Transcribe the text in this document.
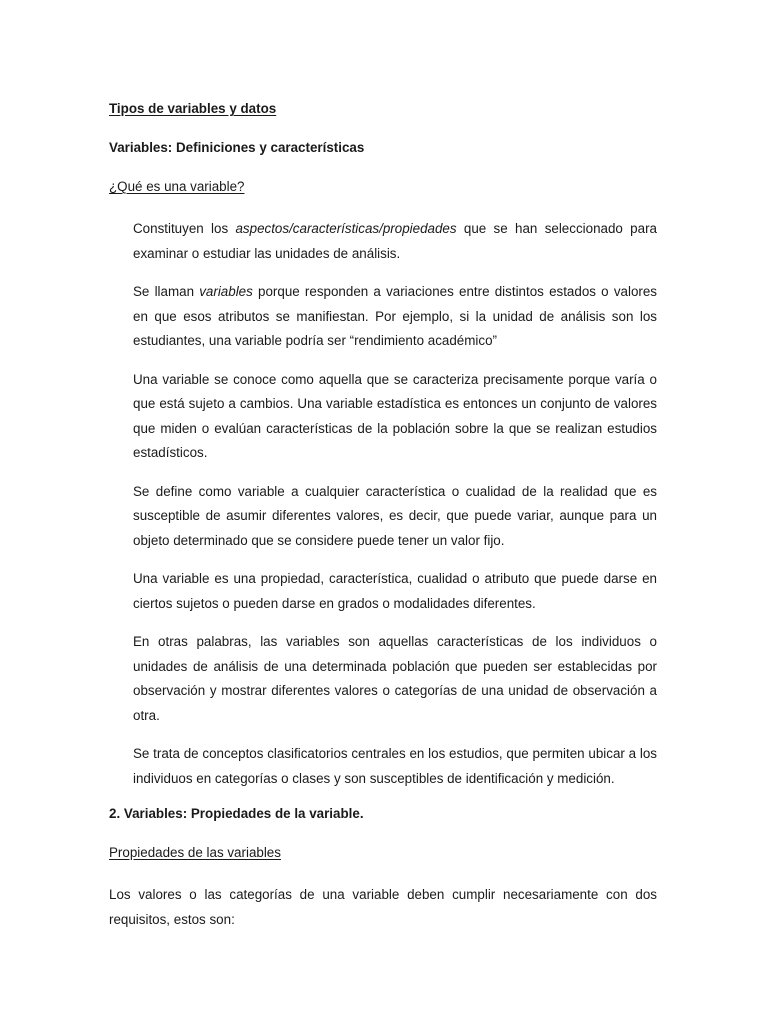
Tipos de variables y datos
Variables: Definiciones y características
¿Qué es una variable?

Constituyen los aspectos/características/propiedades que se han seleccionado para examinar o estudiar las unidades de análisis.

Se llaman variables porque responden a variaciones entre distintos estados o valores en que esos atributos se manifiestan. Por ejemplo, si la unidad de análisis son los estudiantes, una variable podría ser “rendimiento académico”

Una variable se conoce como aquella que se caracteriza precisamente porque varía o que está sujeto a cambios. Una variable estadística es entonces un conjunto de valores que miden o evalúan características de la población sobre la que se realizan estudios estadísticos.

Se define como variable a cualquier característica o cualidad de la realidad que es susceptible de asumir diferentes valores, es decir, que puede variar, aunque para un objeto determinado que se considere puede tener un valor fijo.

Una variable es una propiedad, característica, cualidad o atributo que puede darse en ciertos sujetos o pueden darse en grados o modalidades diferentes.

En otras palabras, las variables son aquellas características de los individuos o unidades de análisis de una determinada población que pueden ser establecidas por observación y mostrar diferentes valores o categorías de una unidad de observación a otra.

Se trata de conceptos clasificatorios centrales en los estudios, que permiten ubicar a los individuos en categorías o clases y son susceptibles de identificación y medición.

2. Variables: Propiedades de la variable.
Propiedades de las variables

Los valores o las categorías de una variable deben cumplir necesariamente con dos requisitos, estos son:
